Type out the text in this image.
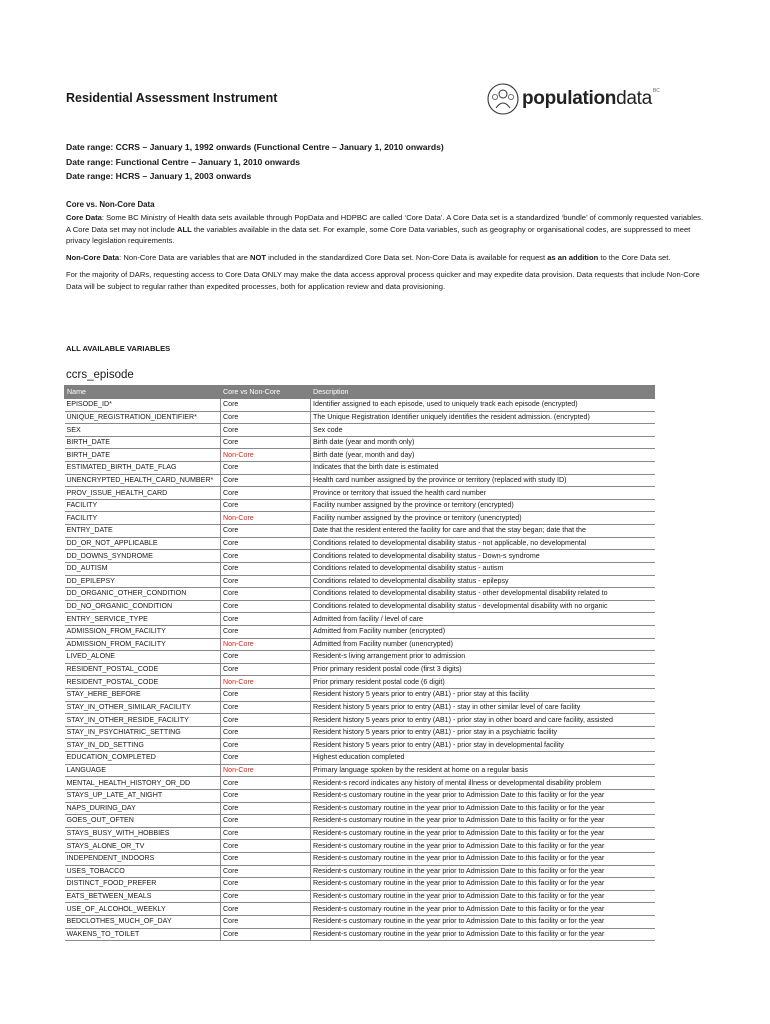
Residential Assessment Instrument	populationdata BC
Date range: CCRS – January 1, 1992 onwards (Functional Centre – January 1, 2010 onwards)
Date range: Functional Centre – January 1, 2010 onwards
Date range: HCRS – January 1, 2003 onwards
Core vs. Non-Core Data

Core Data: Some BC Ministry of Health data sets available through PopData and HDPBC are called ‘Core Data’. A Core Data set is a standardized ‘bundle’ of commonly requested variables. A Core Data set may not include ALL the variables available in the data set. For example, some Core Data variables, such as geography or organisational codes, are suppressed to meet privacy legislation requirements.

Non-Core Data: Non-Core Data are variables that are NOT included in the standardized Core Data set. Non-Core Data is available for request as an addition to the Core Data set.

For the majority of DARs, requesting access to Core Data ONLY may make the data access approval process quicker and may expedite data provision. Data requests that include Non-Core Data will be subject to regular rather than expedited processes, both for application review and data provisioning.

ALL AVAILABLE VARIABLES
ccrs_episode
Name	Core vs Non-Core	Description
EPISODE_ID*	Core	Identifier assigned to each episode, used to uniquely track each episode (encrypted)
UNIQUE_REGISTRATION_IDENTIFIER*	Core	The Unique Registration Identifier uniquely identifies the resident admission. (encrypted)
SEX	Core	Sex code
BIRTH_DATE	Core	Birth date (year and month only)
BIRTH_DATE	Non-Core	Birth date (year, month and day)
ESTIMATED_BIRTH_DATE_FLAG	Core	Indicates that the birth date is estimated
UNENCRYPTED_HEALTH_CARD_NUMBER*	Core	Health card number assigned by the province or territory (replaced with study ID)
PROV_ISSUE_HEALTH_CARD	Core	Province or territory that issued the health card number
FACILITY	Core	Facility number assigned by the province or territory (encrypted)
FACILITY	Non-Core	Facility number assigned by the province or territory (unencrypted)
ENTRY_DATE	Core	Date that the resident entered the facility for care and that the stay began; date that the
DD_OR_NOT_APPLICABLE	Core	Conditions related to developmental disability status - not applicable, no developmental
DD_DOWNS_SYNDROME	Core	Conditions related to developmental disability status - Down-s syndrome
DD_AUTISM	Core	Conditions related to developmental disability status - autism
DD_EPILEPSY	Core	Conditions related to developmental disability status - epilepsy
DD_ORGANIC_OTHER_CONDITION	Core	Conditions related to developmental disability status - other developmental disability related to
DD_NO_ORGANIC_CONDITION	Core	Conditions related to developmental disability status - developmental disability with no organic
ENTRY_SERVICE_TYPE	Core	Admitted from facility / level of care
ADMISSION_FROM_FACILITY	Core	Admitted from Facility number (encrypted)
ADMISSION_FROM_FACILITY	Non-Core	Admitted from Facility number (unencrypted)
LIVED_ALONE	Core	Resident-s living arrangement prior to admission
RESIDENT_POSTAL_CODE	Core	Prior primary resident postal code (first 3 digits)
RESIDENT_POSTAL_CODE	Non-Core	Prior primary resident postal code (6 digit)
STAY_HERE_BEFORE	Core	Resident history 5 years prior to entry (AB1) - prior stay at this facility
STAY_IN_OTHER_SIMILAR_FACILITY	Core	Resident history 5 years prior to entry (AB1) - stay in other similar level of care facility
STAY_IN_OTHER_RESIDE_FACILITY	Core	Resident history 5 years prior to entry (AB1) - prior stay in other board and care facility, assisted
STAY_IN_PSYCHIATRIC_SETTING	Core	Resident history 5 years prior to entry (AB1) - prior stay in a psychiatric facility
STAY_IN_DD_SETTING	Core	Resident history 5 years prior to entry (AB1) - prior stay in developmental facility
EDUCATION_COMPLETED	Core	Highest education completed
LANGUAGE	Non-Core	Primary language spoken by the resident at home on a regular basis
MENTAL_HEALTH_HISTORY_OR_DD	Core	Resident-s record indicates any history of mental illness or developmental disability problem
STAYS_UP_LATE_AT_NIGHT	Core	Resident-s customary routine in the year prior to Admission Date to this facility or for the year
NAPS_DURING_DAY	Core	Resident-s customary routine in the year prior to Admission Date to this facility or for the year
GOES_OUT_OFTEN	Core	Resident-s customary routine in the year prior to Admission Date to this facility or for the year
STAYS_BUSY_WITH_HOBBIES	Core	Resident-s customary routine in the year prior to Admission Date to this facility or for the year
STAYS_ALONE_OR_TV	Core	Resident-s customary routine in the year prior to Admission Date to this facility or for the year
INDEPENDENT_INDOORS	Core	Resident-s customary routine in the year prior to Admission Date to this facility or for the year
USES_TOBACCO	Core	Resident-s customary routine in the year prior to Admission Date to this facility or for the year
DISTINCT_FOOD_PREFER	Core	Resident-s customary routine in the year prior to Admission Date to this facility or for the year
EATS_BETWEEN_MEALS	Core	Resident-s customary routine in the year prior to Admission Date to this facility or for the year
USE_OF_ALCOHOL_WEEKLY	Core	Resident-s customary routine in the year prior to Admission Date to this facility or for the year
BEDCLOTHES_MUCH_OF_DAY	Core	Resident-s customary routine in the year prior to Admission Date to this facility or for the year
WAKENS_TO_TOILET	Core	Resident-s customary routine in the year prior to Admission Date to this facility or for the year
